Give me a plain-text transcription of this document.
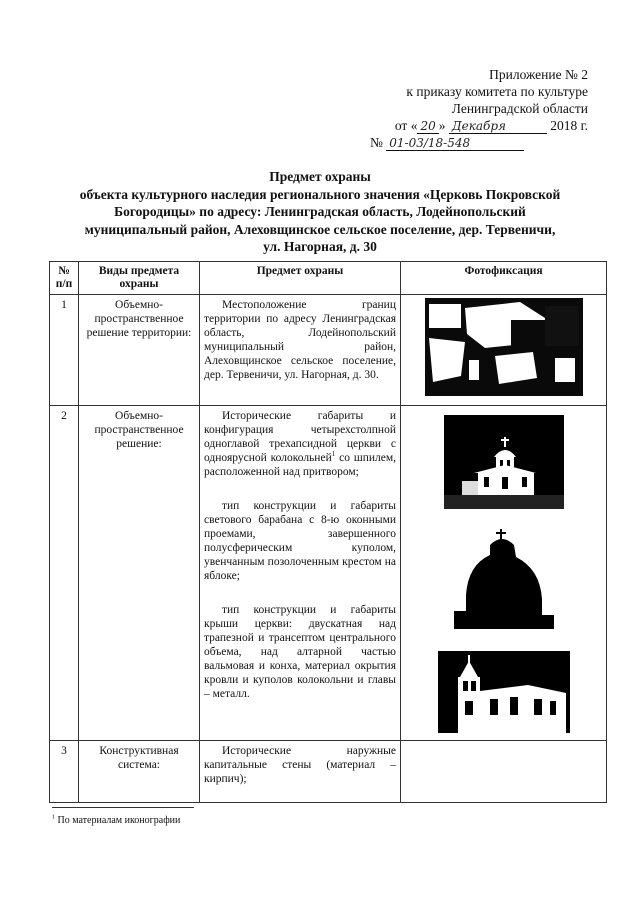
Приложение № 2
к приказу комитета по культуре
Ленинградской области
от « 20 » Декабря	2018 г.
№ 01-03/18-548
Предмет охраны
объекта культурного наследия регионального значения «Церковь Покровской
Богородицы» по адресу: Ленинградская область, Лодейнопольский
муниципальный район, Алеховщинское сельское поселение, дер. Тервеничи,
ул. Нагорная, д. 30
№ п/п	Виды предмета охраны	Предмет охраны	Фотофиксация
1	Объемно-пространственное решение территории:	Местоположение границ территории по адресу Ленинградская область, Лодейнопольский муниципальный район, Алеховщинское сельское поселение, дер. Тервеничи, ул. Нагорная, д. 30.

2	Объемно-пространственное решение:	Исторические габариты и конфигурация четырехстолпной одноглавой трехапсидной церкви с одноярусной колокольней$^1$ со шпилем, расположенной над притвором;

тип конструкции и габариты светового барабана с 8-ю оконными проемами, завершенного полусферическим куполом, увенчанным позолоченным крестом на яблоке;

тип конструкции и габариты крыши церкви: двускатная над трапезной и трансептом центрального объема, над алтарной частью вальмовая и конха, материал окрытия кровли и куполов колокольни и главы – металл.

3	Конструктивная система:	Исторические наружные капитальные стены (материал – кирпич);	

$^1$ По материалам иконографии
